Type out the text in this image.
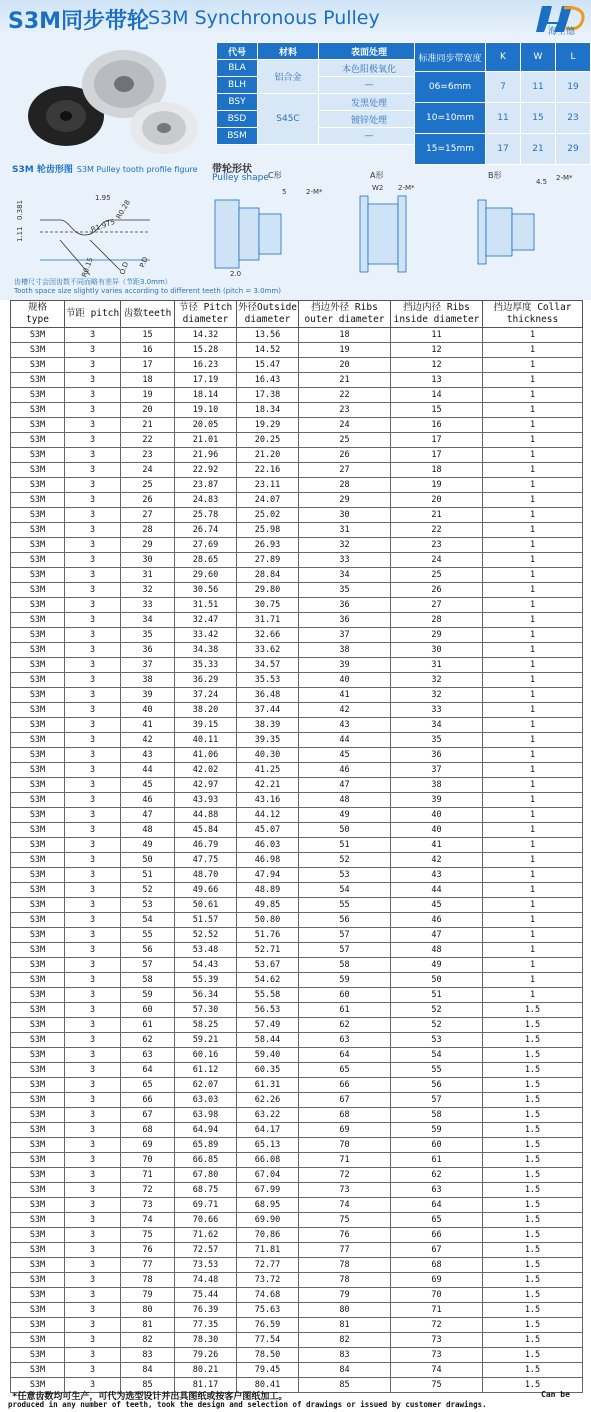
S3M同步带轮
S3M Synchronous Pulley
海士德
代号	材料	表面处理
BLA	铝合金	本色阳极氧化
BLH		—
BSY	S45C	发黑处理
BSD		镀锌处理
BSM		—
标准同步带宽度	K	W	L
06=6mm	7	11	19
10=10mm	11	15	23
15=15mm	17	21	29
S3M 轮齿形图 S3M Pulley tooth profile figure 带轮形状
Pulley shape
1.95
R0.28
0.381
R1.975
1.11
R0.15	O.D P.D
C形
5	2-M*
2.0
A形
W2 2-M*
B形
4.5 2-M*
齿槽尺寸会因齿数不同而略有差异（节距3.0mm）
Tooth space size slightly varies according to different teeth (pitch = 3.0mm)
规格
type	节距 pitch	齿数teeth	节径 Pitch diameter	外径Outside diameter	挡边外径 Ribs outer diameter	挡边内径 Ribs inside diameter	挡边厚度 Collar thickness
S3M	3	15	14.32	13.56	18	11	1
S3M	3	16	15.28	14.52	19	12	1
S3M	3	17	16.23	15.47	20	12	1
S3M	3	18	17.19	16.43	21	13	1
S3M	3	19	18.14	17.38	22	14	1
S3M	3	20	19.10	18.34	23	15	1
S3M	3	21	20.05	19.29	24	16	1
S3M	3	22	21.01	20.25	25	17	1
S3M	3	23	21.96	21.20	26	17	1
S3M	3	24	22.92	22.16	27	18	1
S3M	3	25	23.87	23.11	28	19	1
S3M	3	26	24.83	24.07	29	20	1
S3M	3	27	25.78	25.02	30	21	1
S3M	3	28	26.74	25.98	31	22	1
S3M	3	29	27.69	26.93	32	23	1
S3M	3	30	28.65	27.89	33	24	1
S3M	3	31	29.60	28.84	34	25	1
S3M	3	32	30.56	29.80	35	26	1
S3M	3	33	31.51	30.75	36	27	1
S3M	3	34	32.47	31.71	36	28	1
S3M	3	35	33.42	32.66	37	29	1
S3M	3	36	34.38	33.62	38	30	1
S3M	3	37	35.33	34.57	39	31	1
S3M	3	38	36.29	35.53	40	32	1
S3M	3	39	37.24	36.48	41	32	1
S3M	3	40	38.20	37.44	42	33	1
S3M	3	41	39.15	38.39	43	34	1
S3M	3	42	40.11	39.35	44	35	1
S3M	3	43	41.06	40.30	45	36	1
S3M	3	44	42.02	41.25	46	37	1
S3M	3	45	42.97	42.21	47	38	1
S3M	3	46	43.93	43.16	48	39	1
S3M	3	47	44.88	44.12	49	40	1
S3M	3	48	45.84	45.07	50	40	1
S3M	3	49	46.79	46.03	51	41	1
S3M	3	50	47.75	46.98	52	42	1
S3M	3	51	48.70	47.94	53	43	1
S3M	3	52	49.66	48.89	54	44	1
S3M	3	53	50.61	49.85	55	45	1
S3M	3	54	51.57	50.80	56	46	1
S3M	3	55	52.52	51.76	57	47	1
S3M	3	56	53.48	52.71	57	48	1
S3M	3	57	54.43	53.67	58	49	1
S3M	3	58	55.39	54.62	59	50	1
S3M	3	59	56.34	55.58	60	51	1
S3M	3	60	57.30	56.53	61	52	1.5
S3M	3	61	58.25	57.49	62	52	1.5
S3M	3	62	59.21	58.44	63	53	1.5
S3M	3	63	60.16	59.40	64	54	1.5
S3M	3	64	61.12	60.35	65	55	1.5
S3M	3	65	62.07	61.31	66	56	1.5
S3M	3	66	63.03	62.26	67	57	1.5
S3M	3	67	63.98	63.22	68	58	1.5
S3M	3	68	64.94	64.17	69	59	1.5
S3M	3	69	65.89	65.13	70	60	1.5
S3M	3	70	66.85	66.08	71	61	1.5
S3M	3	71	67.80	67.04	72	62	1.5
S3M	3	72	68.75	67.99	73	63	1.5
S3M	3	73	69.71	68.95	74	64	1.5
S3M	3	74	70.66	69.90	75	65	1.5
S3M	3	75	71.62	70.86	76	66	1.5
S3M	3	76	72.57	71.81	77	67	1.5
S3M	3	77	73.53	72.77	78	68	1.5
S3M	3	78	74.48	73.72	78	69	1.5
S3M	3	79	75.44	74.68	79	70	1.5
S3M	3	80	76.39	75.63	80	71	1.5
S3M	3	81	77.35	76.59	81	72	1.5
S3M	3	82	78.30	77.54	82	73	1.5
S3M	3	83	79.26	78.50	83	73	1.5
S3M	3	84	80.21	79.45	84	74	1.5
S3M	3	85	81.17	80.41	85	75	1.5
*任意齿数均可生产，可代为选型设计并出具图纸或按客户图纸加工。	Can be
produced in any number of teeth, took the design and selection of drawings or issued by customer drawings.
